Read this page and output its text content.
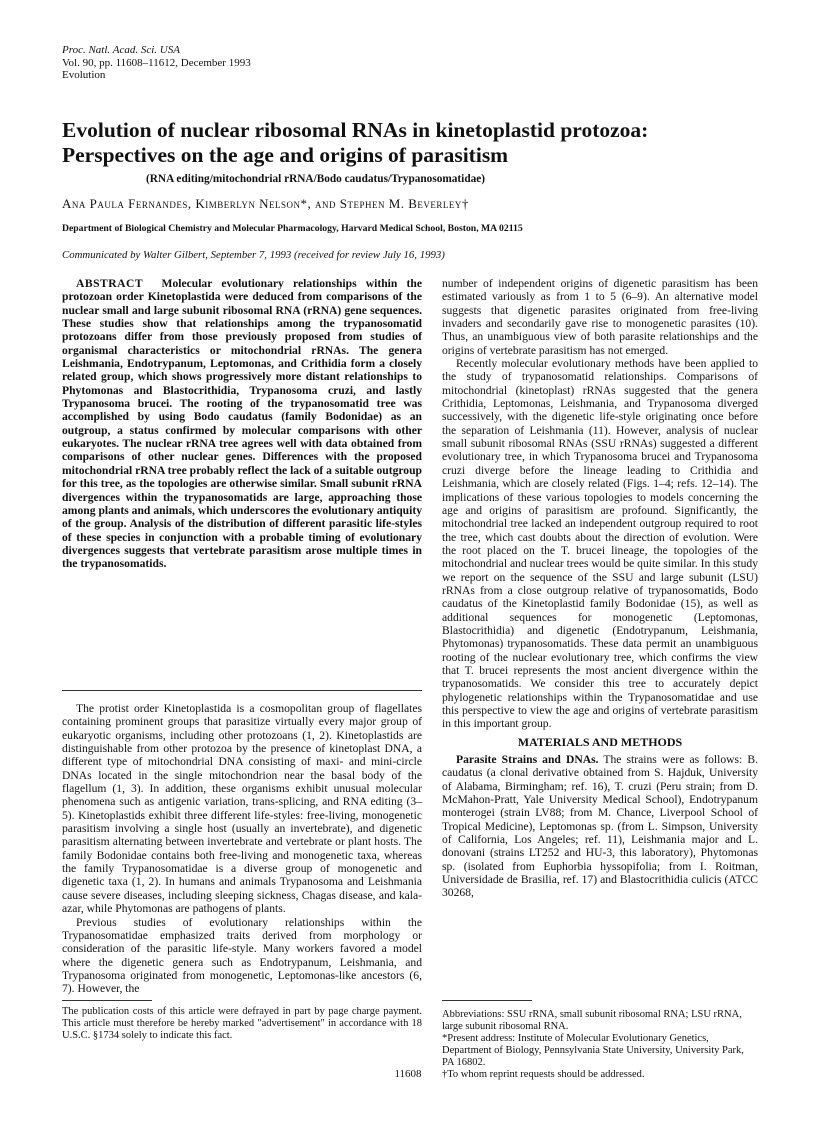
Proc. Natl. Acad. Sci. USA
Vol. 90, pp. 11608–11612, December 1993
Evolution
Evolution of nuclear ribosomal RNAs in kinetoplastid protozoa:
Perspectives on the age and origins of parasitism
(RNA editing/mitochondrial rRNA/Bodo caudatus/Trypanosomatidae)
Ana Paula Fernandes, Kimberlyn Nelson*, and Stephen M. Beverley†
Department of Biological Chemistry and Molecular Pharmacology, Harvard Medical School, Boston, MA 02115
Communicated by Walter Gilbert, September 7, 1993 (received for review July 16, 1993)
ABSTRACT Molecular evolutionary relationships within the protozoan order Kinetoplastida were deduced from comparisons of the nuclear small and large subunit ribosomal RNA (rRNA) gene sequences. These studies show that relationships among the trypanosomatid protozoans differ from those previously proposed from studies of organismal characteristics or mitochondrial rRNAs. The genera Leishmania, Endotrypanum, Leptomonas, and Crithidia form a closely related group, which shows progressively more distant relationships to Phytomonas and Blastocrithidia, Trypanosoma cruzi, and lastly Trypanosoma brucei. The rooting of the trypanosomatid tree was accomplished by using Bodo caudatus (family Bodonidae) as an outgroup, a status confirmed by molecular comparisons with other eukaryotes. The nuclear rRNA tree agrees well with data obtained from comparisons of other nuclear genes. Differences with the proposed mitochondrial rRNA tree probably reflect the lack of a suitable outgroup for this tree, as the topologies are otherwise similar. Small subunit rRNA divergences within the trypanosomatids are large, approaching those among plants and animals, which underscores the evolutionary antiquity of the group. Analysis of the distribution of different parasitic life-styles of these species in conjunction with a probable timing of evolutionary divergences suggests that vertebrate parasitism arose multiple times in the trypanosomatids.

The protist order Kinetoplastida is a cosmopolitan group of flagellates containing prominent groups that parasitize virtually every major group of eukaryotic organisms, including other protozoans (1, 2). Kinetoplastids are distinguishable from other protozoa by the presence of kinetoplast DNA, a different type of mitochondrial DNA consisting of maxi- and mini-circle DNAs located in the single mitochondrion near the basal body of the flagellum (1, 3). In addition, these organisms exhibit unusual molecular phenomena such as antigenic variation, trans-splicing, and RNA editing (3–5). Kinetoplastids exhibit three different life-styles: free-living, monogenetic parasitism involving a single host (usually an invertebrate), and digenetic parasitism alternating between invertebrate and vertebrate or plant hosts. The family Bodonidae contains both free-living and monogenetic taxa, whereas the family Trypanosomatidae is a diverse group of monogenetic and digenetic taxa (1, 2). In humans and animals Trypanosoma and Leishmania cause severe diseases, including sleeping sickness, Chagas disease, and kala-azar, while Phytomonas are pathogens of plants.

Previous studies of evolutionary relationships within the Trypanosomatidae emphasized traits derived from morphology or consideration of the parasitic life-style. Many workers favored a model where the digenetic genera such as Endotrypanum, Leishmania, and Trypanosoma originated from monogenetic, Leptomonas-like ancestors (6, 7). However, the

number of independent origins of digenetic parasitism has been estimated variously as from 1 to 5 (6–9). An alternative model suggests that digenetic parasites originated from free-living invaders and secondarily gave rise to monogenetic parasites (10). Thus, an unambiguous view of both parasite relationships and the origins of vertebrate parasitism has not emerged.

Recently molecular evolutionary methods have been applied to the study of trypanosomatid relationships. Comparisons of mitochondrial (kinetoplast) rRNAs suggested that the genera Crithidia, Leptomonas, Leishmania, and Trypanosoma diverged successively, with the digenetic life-style originating once before the separation of Leishmania (11). However, analysis of nuclear small subunit ribosomal RNAs (SSU rRNAs) suggested a different evolutionary tree, in which Trypanosoma brucei and Trypanosoma cruzi diverge before the lineage leading to Crithidia and Leishmania, which are closely related (Figs. 1–4; refs. 12–14). The implications of these various topologies to models concerning the age and origins of parasitism are profound. Significantly, the mitochondrial tree lacked an independent outgroup required to root the tree, which cast doubts about the direction of evolution. Were the root placed on the T. brucei lineage, the topologies of the mitochondrial and nuclear trees would be quite similar. In this study we report on the sequence of the SSU and large subunit (LSU) rRNAs from a close outgroup relative of trypanosomatids, Bodo caudatus of the Kinetoplastid family Bodonidae (15), as well as additional sequences for monogenetic (Leptomonas, Blastocrithidia) and digenetic (Endotrypanum, Leishmania, Phytomonas) trypanosomatids. These data permit an unambiguous rooting of the nuclear evolutionary tree, which confirms the view that T. brucei represents the most ancient divergence within the trypanosomatids. We consider this tree to accurately depict phylogenetic relationships within the Trypanosomatidae and use this perspective to view the age and origins of vertebrate parasitism in this important group.

MATERIALS AND METHODS

Parasite Strains and DNAs. The strains were as follows: B. caudatus (a clonal derivative obtained from S. Hajduk, University of Alabama, Birmingham; ref. 16), T. cruzi (Peru strain; from D. McMahon-Pratt, Yale University Medical School), Endotrypanum monterogei (strain LV88; from M. Chance, Liverpool School of Tropical Medicine), Leptomonas sp. (from L. Simpson, University of California, Los Angeles; ref. 11), Leishmania major and L. donovani (strains LT252 and HU-3, this laboratory), Phytomonas sp. (isolated from Euphorbia hyssopifolia; from I. Roitman, Universidade de Brasilia, ref. 17) and Blastocrithidia culicis (ATCC 30268,

The publication costs of this article were defrayed in part by page charge payment. This article must therefore be hereby marked "advertisement" in accordance with 18 U.S.C. §1734 solely to indicate this fact.
Abbreviations: SSU rRNA, small subunit ribosomal RNA; LSU rRNA, large subunit ribosomal RNA.
*Present address: Institute of Molecular Evolutionary Genetics, Department of Biology, Pennsylvania State University, University Park, PA 16802.
†To whom reprint requests should be addressed.
11608
